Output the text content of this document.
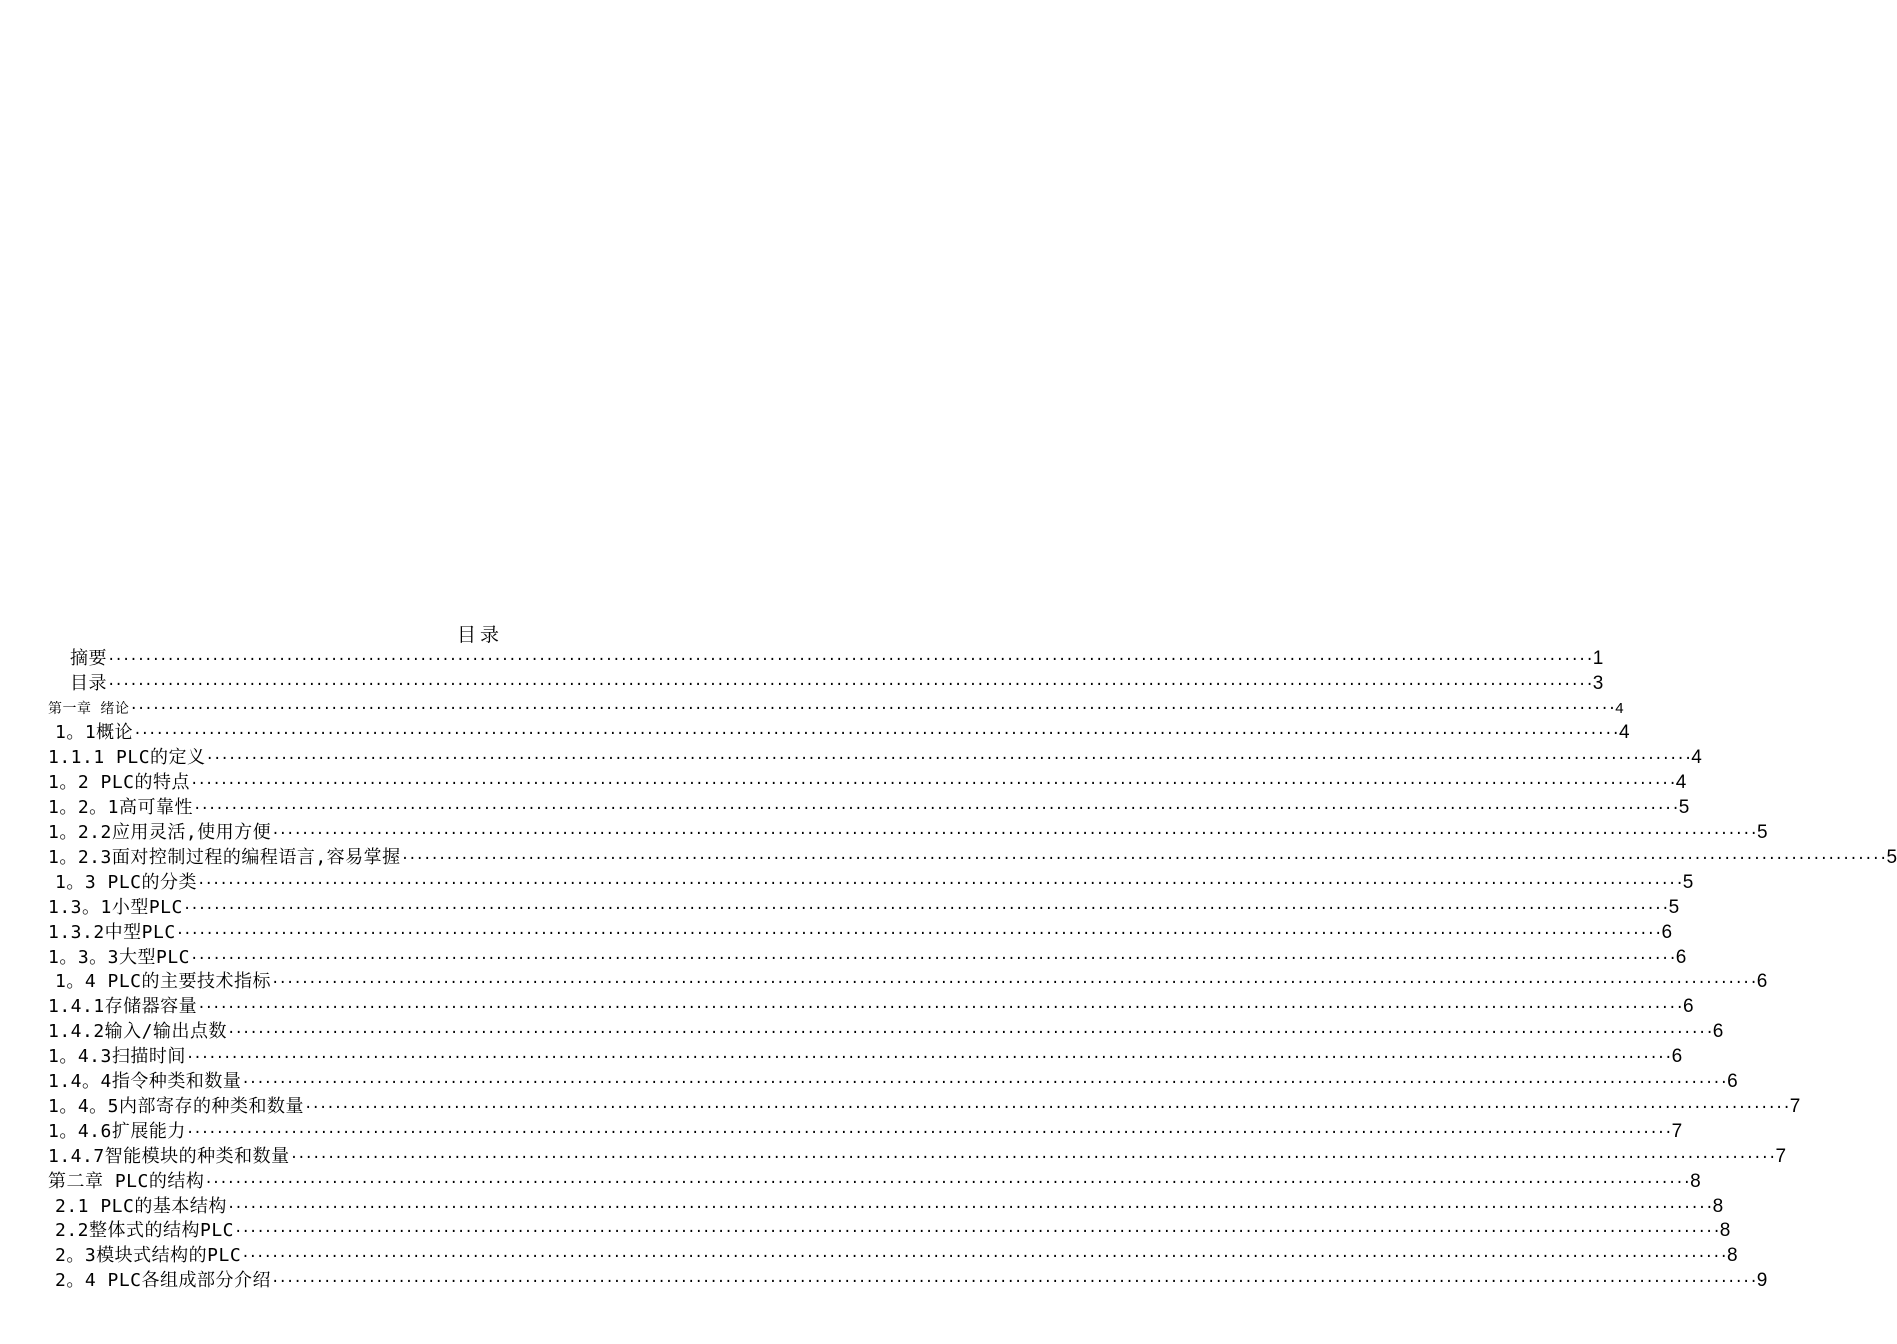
目录
摘要 ········································································································································································································ 1
目录 ········································································································································································································ 3
第一章 绪论 ········································································································································································································ 4
1。1概论 ········································································································································································································ 4
1.1.1 PLC的定义 ········································································································································································································ 4
1。2 PLC的特点 ········································································································································································································ 4
1。2。1高可靠性 ········································································································································································································ 5
1。2.2应用灵活,使用方便 ········································································································································································································ 5
1。2.3面对控制过程的编程语言,容易掌握 ········································································································································································································ 5
1。3 PLC的分类 ········································································································································································································ 5
1.3。1小型PLC ········································································································································································································ 5
1.3.2中型PLC ········································································································································································································ 6
1。3。3大型PLC ········································································································································································································ 6
1。4 PLC的主要技术指标 ········································································································································································································ 6
1.4.1存储器容量 ········································································································································································································ 6
1.4.2输入/输出点数 ········································································································································································································ 6
1。4.3扫描时间 ········································································································································································································ 6
1.4。4指令种类和数量 ········································································································································································································ 6
1。4。5内部寄存的种类和数量 ········································································································································································································ 7
1。4.6扩展能力 ········································································································································································································ 7
1.4.7智能模块的种类和数量 ········································································································································································································ 7
第二章 PLC的结构 ········································································································································································································ 8
2.1 PLC的基本结构 ········································································································································································································ 8
2.2整体式的结构PLC ········································································································································································································ 8
2。3模块式结构的PLC ········································································································································································································ 8
2。4 PLC各组成部分介绍 ········································································································································································································ 9
